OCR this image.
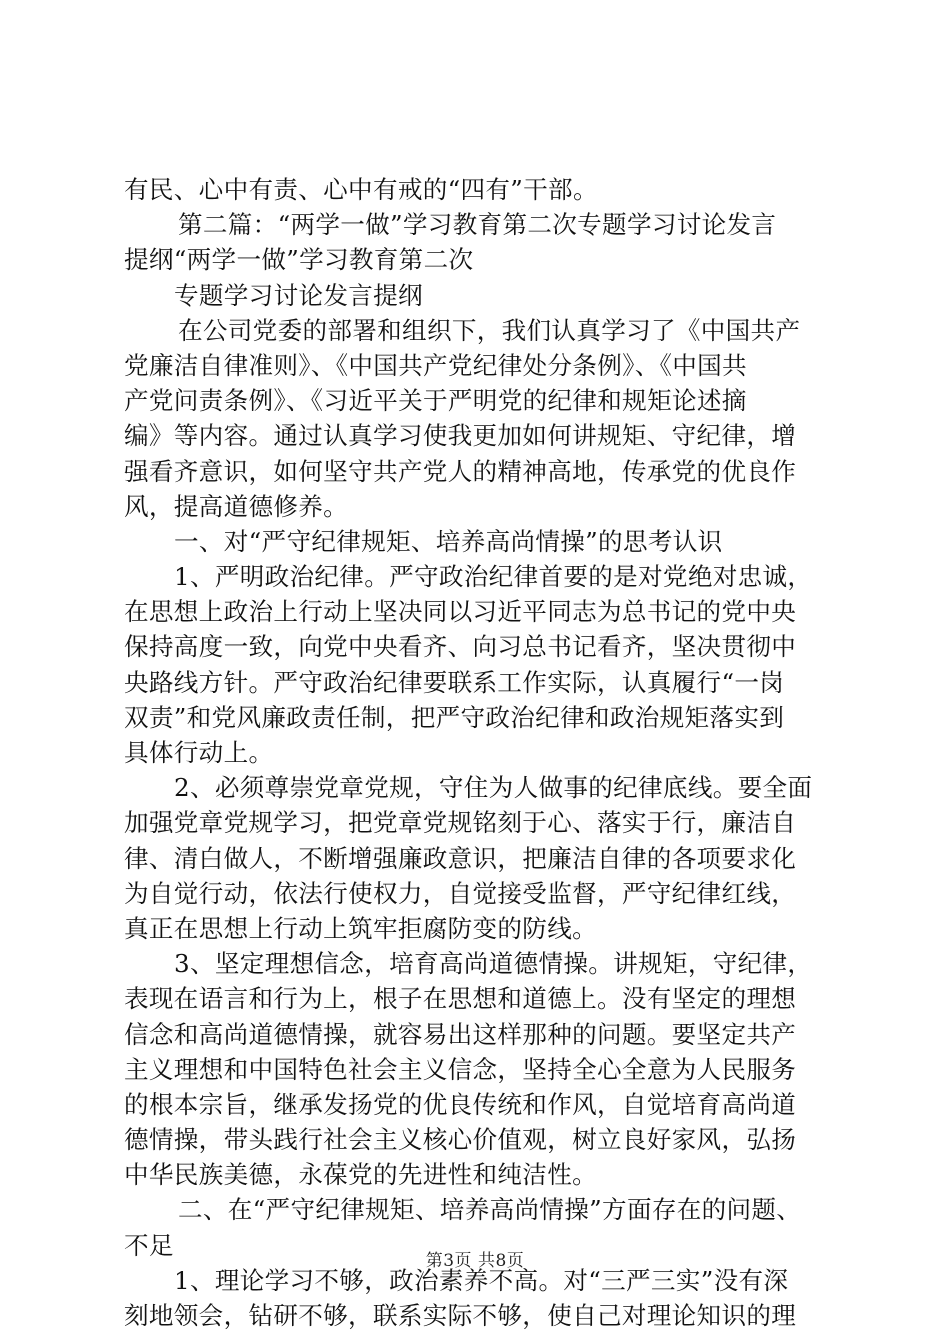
有民、心中有责、心中有戒的“四有”干部。
第二篇：“两学一做”学习教育第二次专题学习讨论发言
提纲“两学一做”学习教育第二次
专题学习讨论发言提纲
在公司党委的部署和组织下，我们认真学习了《中国共产
党廉洁自律准则》、《中国共产党纪律处分条例》、《中国共
产党问责条例》、《习近平关于严明党的纪律和规矩论述摘
编》等内容。通过认真学习使我更加如何讲规矩、守纪律，增
强看齐意识，如何坚守共产党人的精神高地，传承党的优良作
风，提高道德修养。
一、对“严守纪律规矩、培养高尚情操”的思考认识
1、严明政治纪律。严守政治纪律首要的是对党绝对忠诚，
在思想上政治上行动上坚决同以习近平同志为总书记的党中央
保持高度一致，向党中央看齐、向习总书记看齐，坚决贯彻中
央路线方针。严守政治纪律要联系工作实际，认真履行“一岗
双责”和党风廉政责任制，把严守政治纪律和政治规矩落实到
具体行动上。
2、必须尊崇党章党规，守住为人做事的纪律底线。要全面
加强党章党规学习，把党章党规铭刻于心、落实于行，廉洁自
律、清白做人，不断增强廉政意识，把廉洁自律的各项要求化
为自觉行动，依法行使权力，自觉接受监督，严守纪律红线，
真正在思想上行动上筑牢拒腐防变的防线。
3、坚定理想信念，培育高尚道德情操。讲规矩，守纪律，
表现在语言和行为上，根子在思想和道德上。没有坚定的理想
信念和高尚道德情操，就容易出这样那种的问题。要坚定共产
主义理想和中国特色社会主义信念，坚持全心全意为人民服务
的根本宗旨，继承发扬党的优良传统和作风，自觉培育高尚道
德情操，带头践行社会主义核心价值观，树立良好家风，弘扬
中华民族美德，永葆党的先进性和纯洁性。
二、在“严守纪律规矩、培养高尚情操”方面存在的问题、
不足
1、理论学习不够，政治素养不高。对“三严三实”没有深
刻地领会，钻研不够，联系实际不够，使自己对理论知识的理
第3页 共8页
